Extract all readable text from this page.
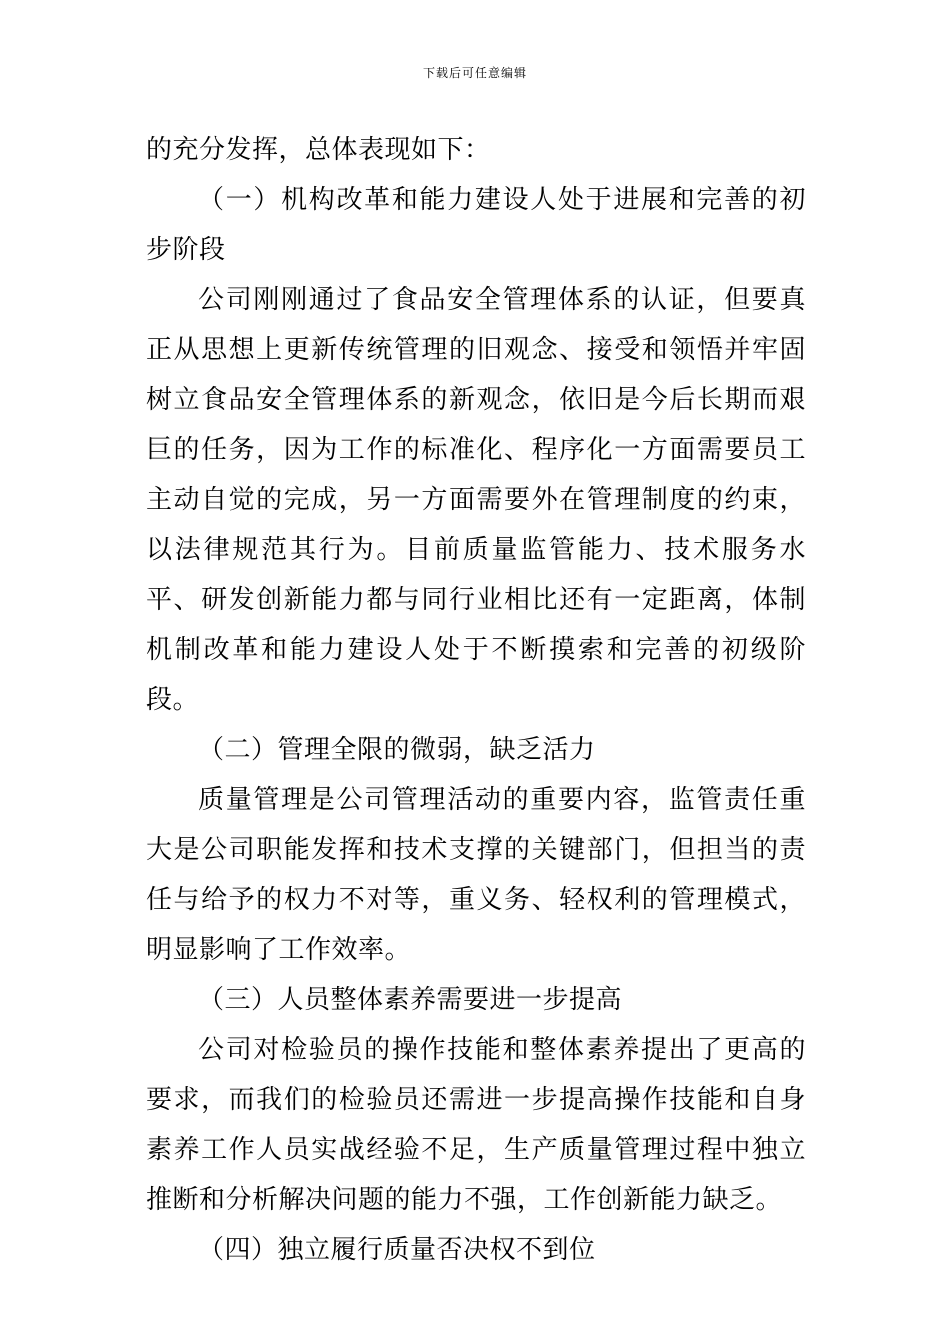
下载后可任意编辑

的充分发挥，总体表现如下：

（一）机构改革和能力建设人处于进展和完善的初步阶段

公司刚刚通过了食品安全管理体系的认证，但要真正从思想上更新传统管理的旧观念、接受和领悟并牢固树立食品安全管理体系的新观念，依旧是今后长期而艰巨的任务，因为工作的标准化、程序化一方面需要员工主动自觉的完成，另一方面需要外在管理制度的约束，以法律规范其行为。目前质量监管能力、技术服务水平、研发创新能力都与同行业相比还有一定距离，体制机制改革和能力建设人处于不断摸索和完善的初级阶段。

（二）管理全限的微弱，缺乏活力

质量管理是公司管理活动的重要内容，监管责任重大是公司职能发挥和技术支撑的关键部门，但担当的责任与给予的权力不对等，重义务、轻权利的管理模式，明显影响了工作效率。

（三）人员整体素养需要进一步提高

公司对检验员的操作技能和整体素养提出了更高的要求，而我们的检验员还需进一步提高操作技能和自身素养工作人员实战经验不足，生产质量管理过程中独立推断和分析解决问题的能力不强，工作创新能力缺乏。

（四）独立履行质量否决权不到位
